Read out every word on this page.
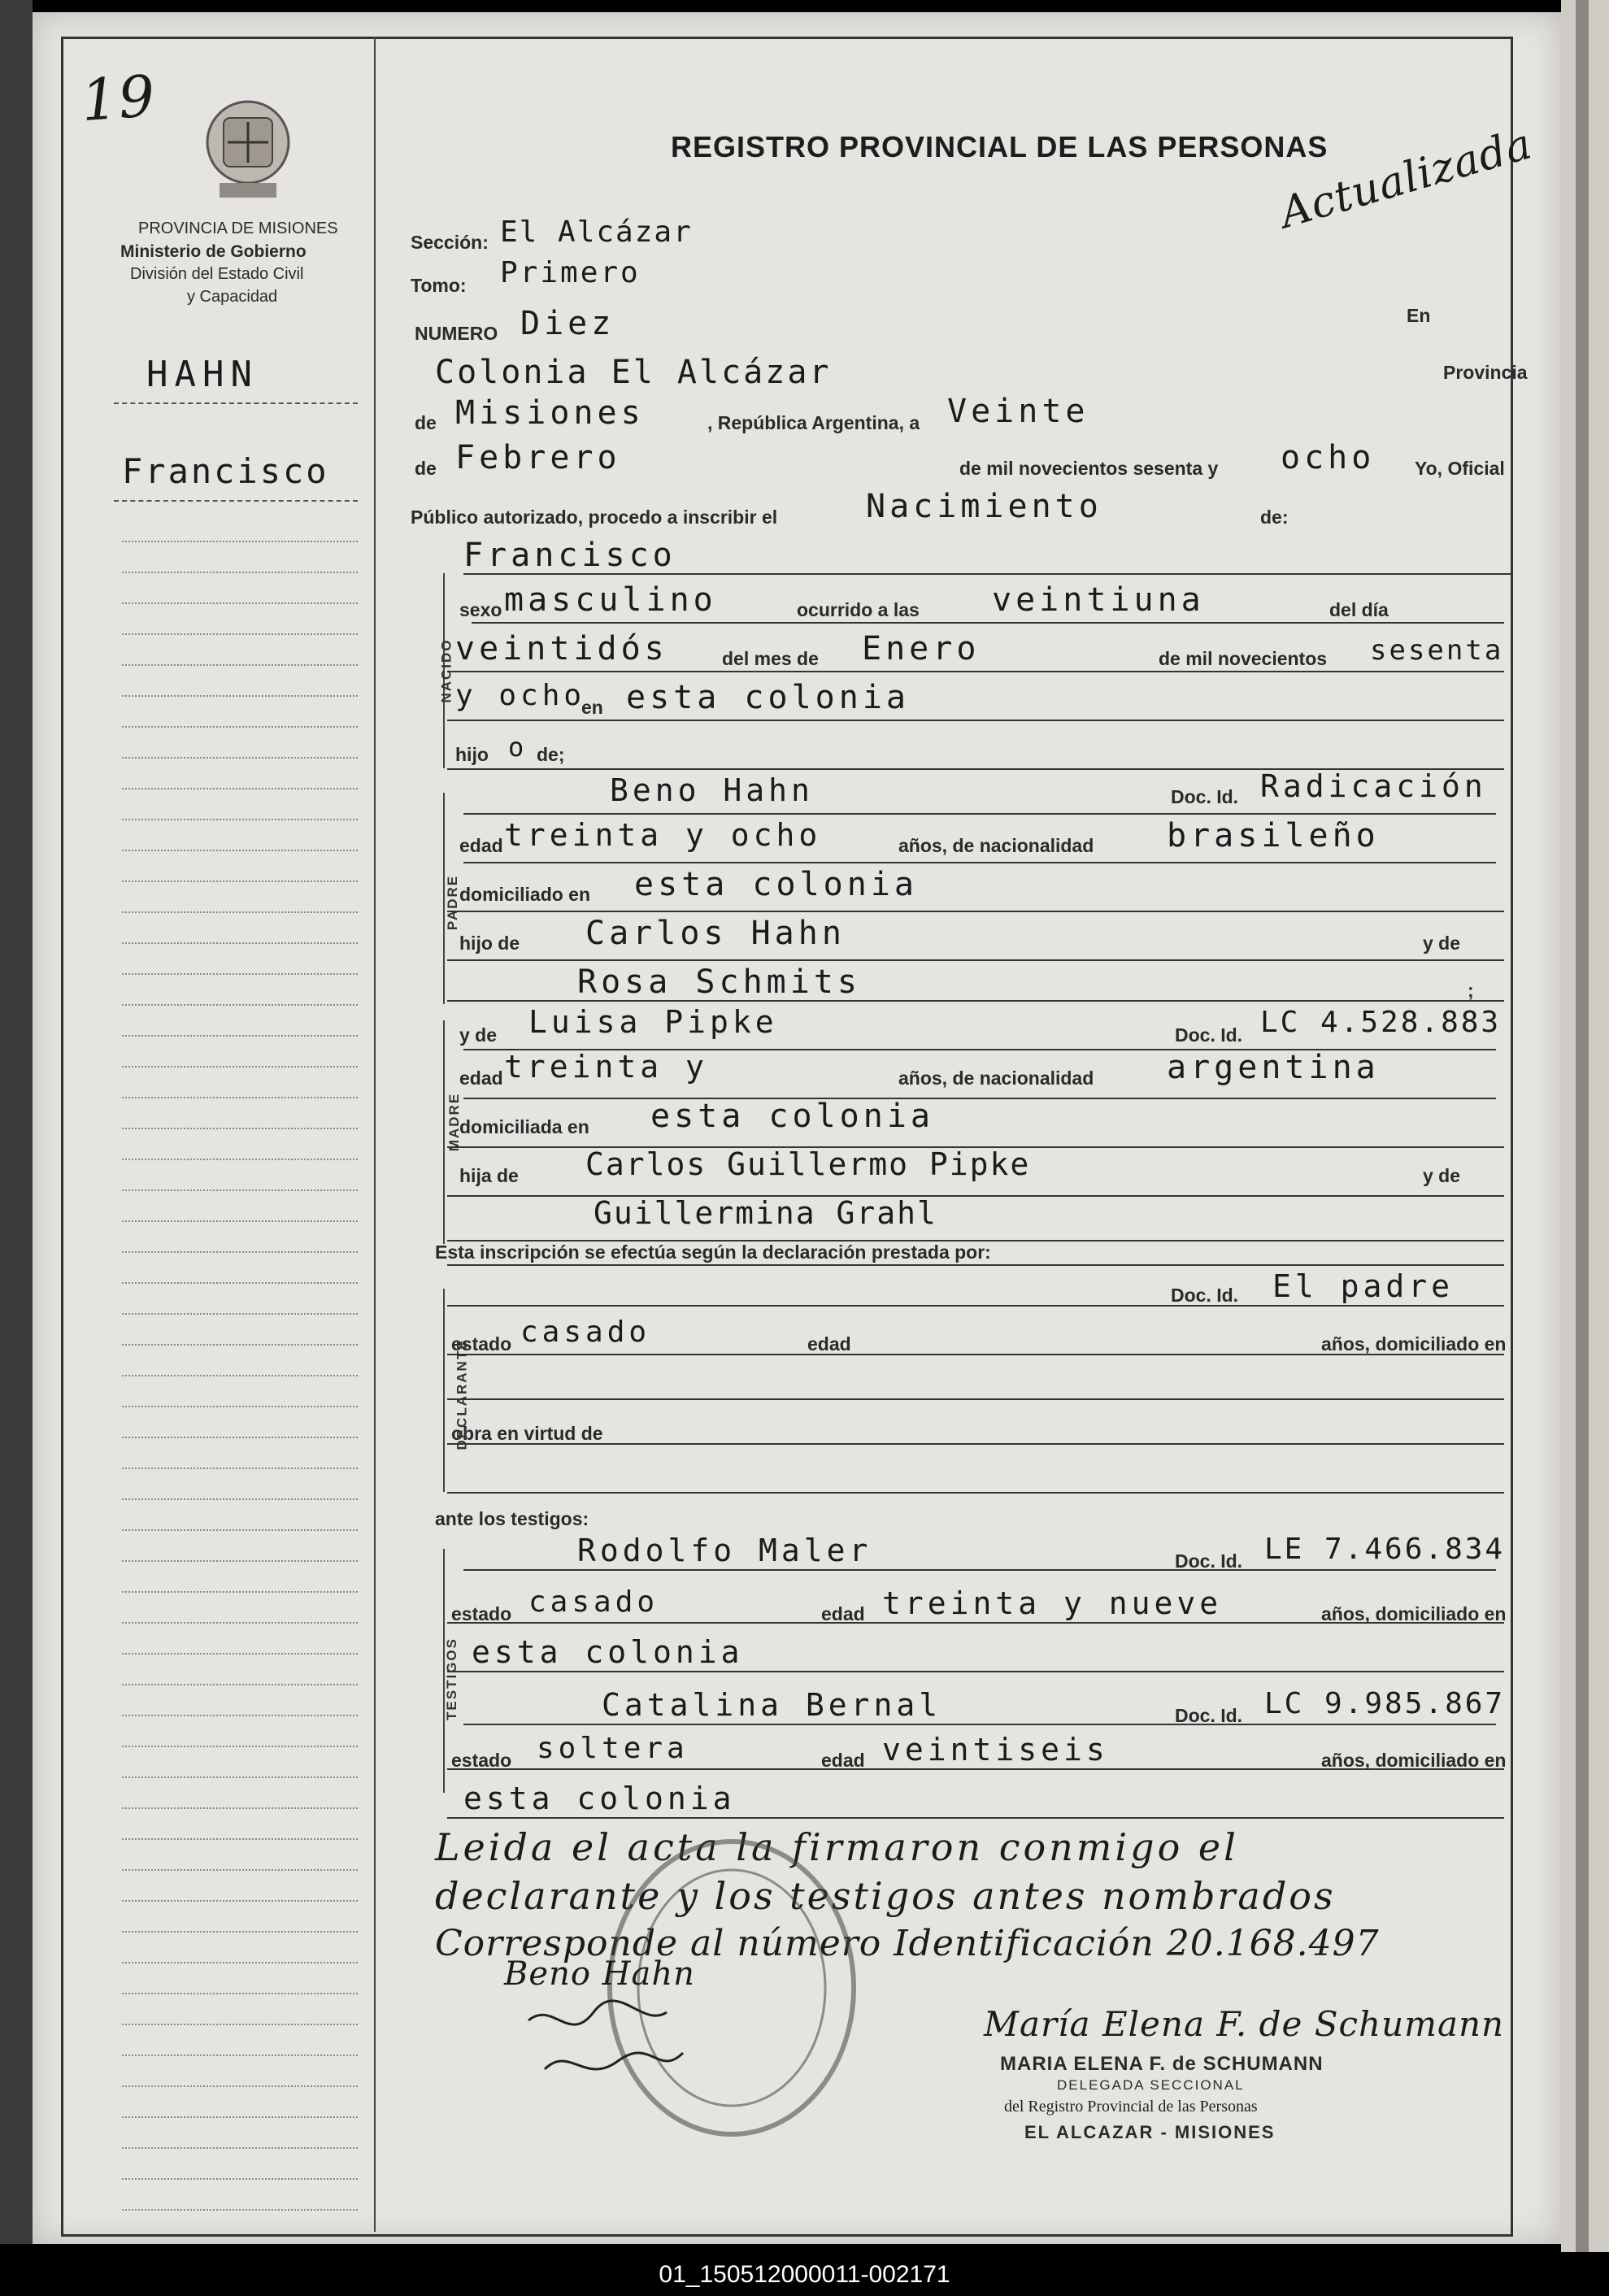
19
PROVINCIA DE MISIONES
Ministerio de Gobierno
División del Estado Civil
y Capacidad
HAHN
Francisco
REGISTRO PROVINCIAL DE LAS PERSONAS
Actualizada
Sección: El Alcázar
Tomo: Primero
NUMERO Diez	En
Colonia El Alcázar	Provincia
de Misiones	, República Argentina, a Veinte
de Febrero	de mil novecientos sesenta y ocho Yo, Oficial
Público autorizado, procedo a inscribir el	Nacimiento	de:
Francisco
sexo masculino	ocurrido a las veintiuna	del día
veintidós	del mes de Enero	de mil novecientos sesenta
y ocho
en esta colonia
hijo o de;
NACIDO
Beno Hahn	Doc. Id. Radicación
edad treinta y ocho	años, de nacionalidad brasileño
domiciliado en esta colonia
hijo de Carlos Hahn	y de
Rosa Schmits	;
PADRE
y de Luisa Pipke	Doc. Id. LC 4.528.883
edad treinta y	años, de nacionalidad argentina
domiciliada en esta colonia
hija de Carlos Guillermo Pipke	y de
Guillermina Grahl
MADRE
Esta inscripción se efectúa según la declaración prestada por:
Doc. Id. El padre
estado casado	edad	años, domiciliado en
obra en virtud de
DECLARANTE
ante los testigos:
Rodolfo Maler	Doc. Id. LE 7.466.834
estado casado	edad treinta y nueve	años, domiciliado en
esta colonia
Catalina Bernal	Doc. Id. LC 9.985.867
estado soltera	edad veintiseis	años, domiciliado en
esta colonia
TESTIGOS
Leida el acta la firmaron conmigo el
declarante y los testigos antes nombrados
Corresponde al número Identificación 20.168.497
Beno Hahn
María Elena F. de Schumann
MARIA ELENA F. de SCHUMANN
DELEGADA SECCIONAL
del Registro Provincial de las Personas
EL ALCAZAR - MISIONES
01_150512000011-002171
